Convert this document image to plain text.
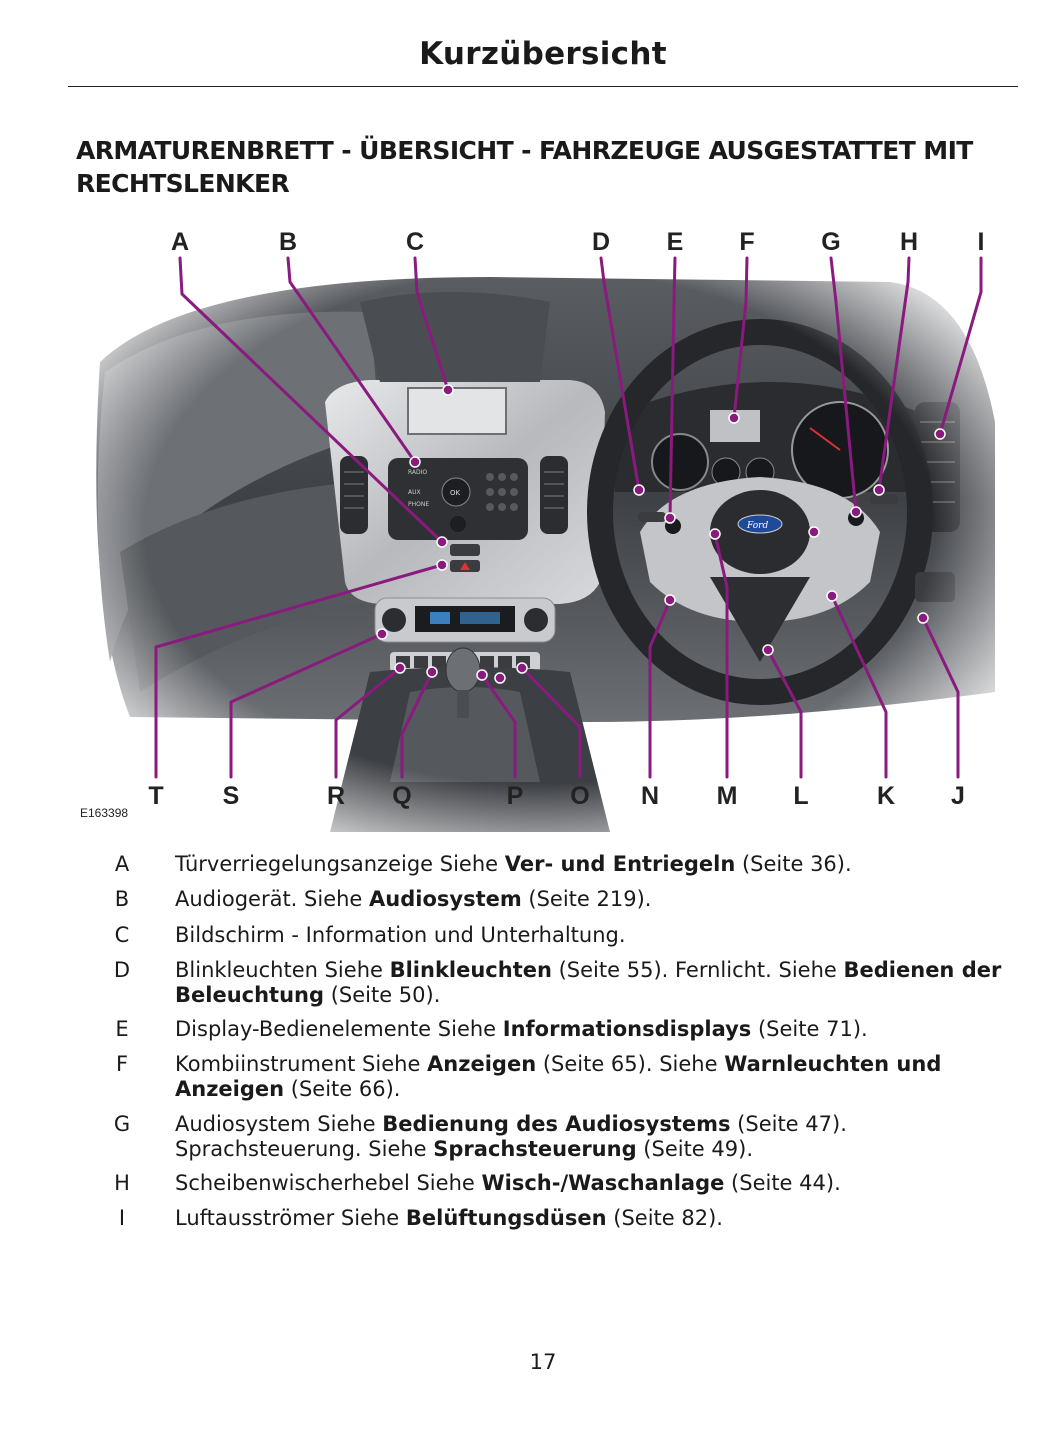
Kurzübersicht
ARMATURENBRETT - ÜBERSICHT - FAHRZEUGE AUSGESTATTET MIT RECHTSLENKER
A	B	C	D E F	G H	I
T S	R Q	P O N M L	K	J
E163398
A Türverriegelungsanzeige Siehe Ver- und Entriegeln (Seite 36).
B Audiogerät. Siehe Audiosystem (Seite 219).
C Bildschirm - Information und Unterhaltung.
D Blinkleuchten Siehe Blinkleuchten (Seite 55). Fernlicht. Siehe Bedienen der Beleuchtung (Seite 50).
E Display-Bedienelemente Siehe Informationsdisplays (Seite 71).
F Kombiinstrument Siehe Anzeigen (Seite 65). Siehe Warnleuchten und Anzeigen (Seite 66).
G Audiosystem Siehe Bedienung des Audiosystems (Seite 47). Sprachsteuerung. Siehe Sprachsteuerung (Seite 49).
H Scheibenwischerhebel Siehe Wisch-/Waschanlage (Seite 44).
I	Luftausströmer Siehe Belüftungsdüsen (Seite 82).
17
